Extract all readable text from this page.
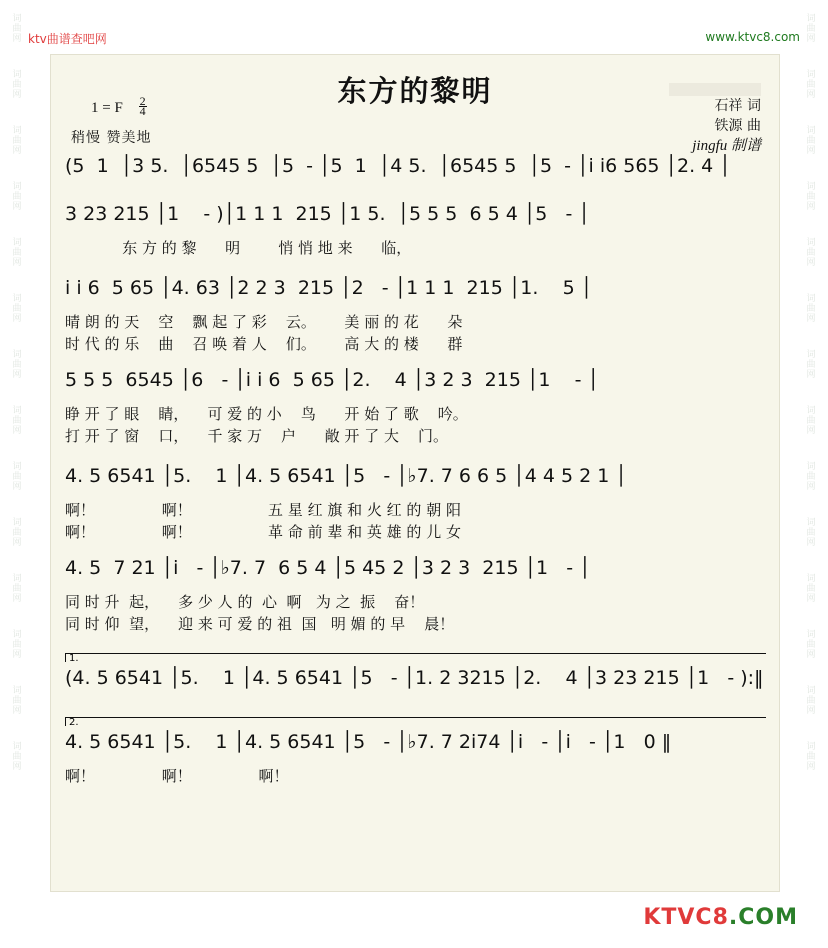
词
曲
网
词
曲
网
词
曲
网
词
曲
网
词
曲
网
词
曲
网
词
曲
网
词
曲
网
词
曲
网
词
曲
网
词
曲
网
词
曲
网
词
曲
网
词
曲
网
词
曲
网
词
曲
网
词
曲
网
词
曲
网
词
曲
网
词
曲
网
词
曲
网
词
曲
网
词
曲
网
词
曲
网
词
曲
网
词
曲
网
词
曲
网
词
曲
网
ktv曲谱查吧网	www.ktvc8.com
东方的黎明	石祥 词
铁源 曲
jingfu 制谱
1 = F 2
4
稍慢 赞美地
(5  1  │3 5.  │6545 5  │5  - │5  1  │4 5.  │6545 5  │5  - │i i6 565 │2. 4 │
3 23 215 │1    - )│1 1 1  215 │1 5.  │5 5 5  6 5 4 │5   - │
东 方 的 黎      明        悄 悄 地 来      临，
i i 6  5 65 │4. 63 │2 2 3  215 │2   - │1 1 1  215 │1.    5 │
晴 朗 的 天    空    飘 起 了 彩    云。      美 丽 的 花      朵
时 代 的 乐    曲    召 唤 着 人    们。      高 大 的 楼      群
5 5 5  6545 │6   - │i i 6  5 65 │2.    4 │3 2 3  215 │1    - │
睁 开 了 眼    睛，    可 爱 的 小    鸟      开 始 了 歌    吟。
打 开 了 窗    口，    千 家 万    户      敞 开 了 大    门。
4. 5 6541 │5.    1 │4. 5 6541 │5   - │♭7. 7 6 6 5 │4 4 5 2 1 │
啊！              啊！                五 星 红 旗 和 火 红 的 朝 阳
啊！              啊！                革 命 前 辈 和 英 雄 的 儿 女
4. 5  7 21 │i   - │♭7. 7  6 5 4 │5 45 2 │3 2 3  215 │1   - │
同 时 升  起，    多 少 人 的  心  啊   为 之  振    奋！
同 时 仰  望，    迎 来 可 爱 的 祖  国   明 媚 的 早    晨！
1.
(4. 5 6541 │5.    1 │4. 5 6541 │5   - │1. 2 3215 │2.    4 │3 23 215 │1   - ):‖
2.
4. 5 6541 │5.    1 │4. 5 6541 │5   - │♭7. 7 2i74 │i   - │i   - │1   0 ‖
啊！              啊！              啊！
KTVC8.COM
